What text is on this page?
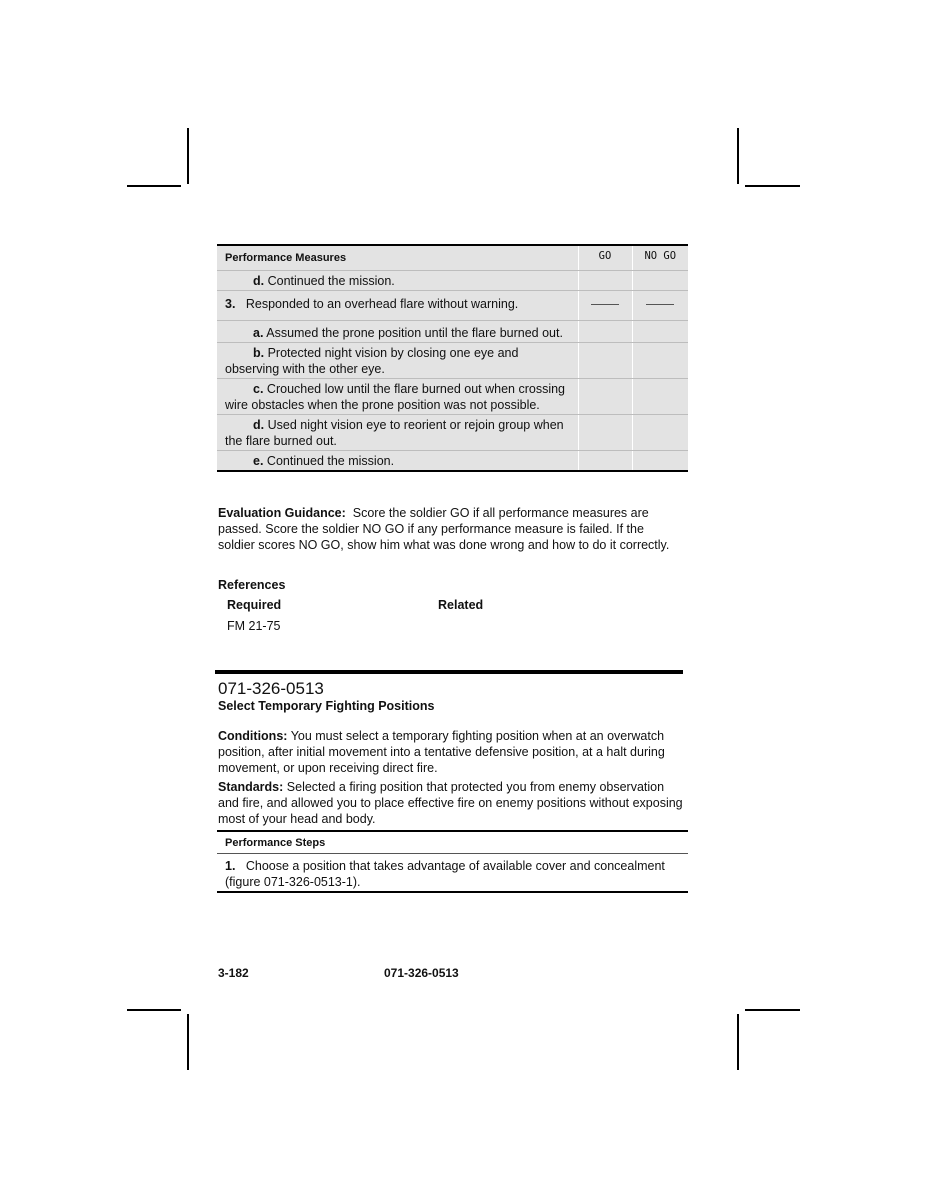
Performance Measures	GO	NO GO
d. Continued the mission.		
3. Responded to an overhead flare without warning.		
a. Assumed the prone position until the flare burned out.		
b. Protected night vision by closing one eye and observing with the other eye.		
c. Crouched low until the flare burned out when crossing wire obstacles when the prone position was not possible.		
d. Used night vision eye to reorient or rejoin group when the flare burned out.		
e. Continued the mission.		
Evaluation Guidance: Score the soldier GO if all performance measures are passed. Score the soldier NO GO if any performance measure is failed. If the soldier scores NO GO, show him what was done wrong and how to do it correctly.
References
Required	Related
FM 21-75
071-326-0513
Select Temporary Fighting Positions
Conditions: You must select a temporary fighting position when at an overwatch position, after initial movement into a tentative defensive position, at a halt during movement, or upon receiving direct fire.
Standards: Selected a firing position that protected you from enemy observation and fire, and allowed you to place effective fire on enemy positions without exposing most of your head and body.
Performance Steps
1. Choose a position that takes advantage of available cover and concealment (figure 071-326-0513-1).
3-182	071-326-0513
